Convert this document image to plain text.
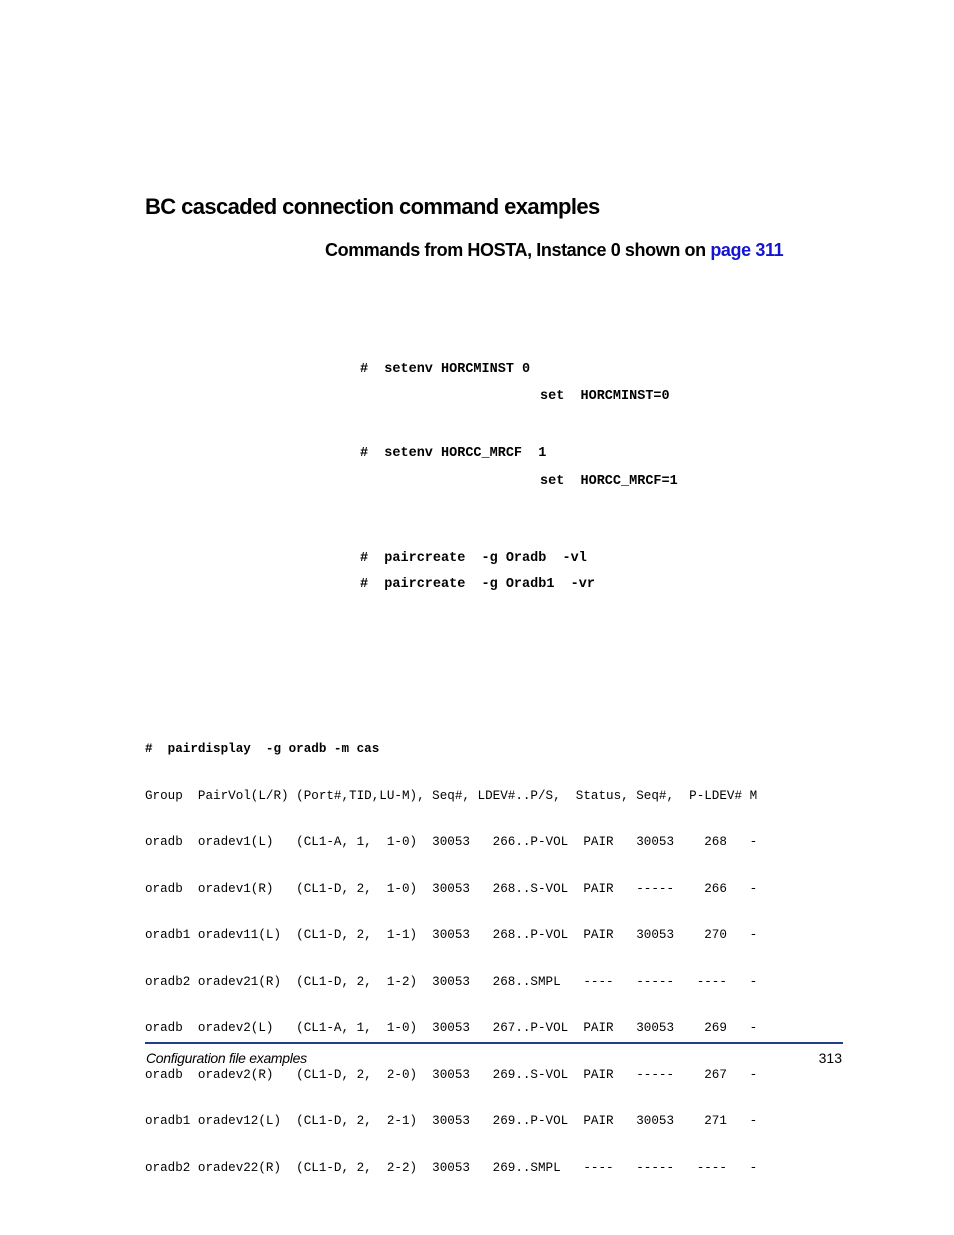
BC cascaded connection command examples
Commands from HOSTA, Instance 0 shown on page 311
#  setenv HORCMINST 0
set  HORCMINST=0
#  setenv HORCC_MRCF  1
set  HORCC_MRCF=1
#  paircreate  -g Oradb  -vl
#  paircreate  -g Oradb1  -vr

#  pairdisplay  -g oradb -m cas

Group  PairVol(L/R) (Port#,TID,LU-M), Seq#, LDEV#..P/S,  Status, Seq#,  P-LDEV# M

oradb  oradev1(L)   (CL1-A, 1,  1-0)  30053   266..P-VOL  PAIR   30053    268   -

oradb  oradev1(R)   (CL1-D, 2,  1-0)  30053   268..S-VOL  PAIR   -----    266   -

oradb1 oradev11(L)  (CL1-D, 2,  1-1)  30053   268..P-VOL  PAIR   30053    270   -

oradb2 oradev21(R)  (CL1-D, 2,  1-2)  30053   268..SMPL   ----   -----   ----   -

oradb  oradev2(L)   (CL1-A, 1,  1-0)  30053   267..P-VOL  PAIR   30053    269   -

oradb  oradev2(R)   (CL1-D, 2,  2-0)  30053   269..S-VOL  PAIR   -----    267   -

oradb1 oradev12(L)  (CL1-D, 2,  2-1)  30053   269..P-VOL  PAIR   30053    271   -

oradb2 oradev22(R)  (CL1-D, 2,  2-2)  30053   269..SMPL   ----   -----   ----   -

Configuration file examples	313
